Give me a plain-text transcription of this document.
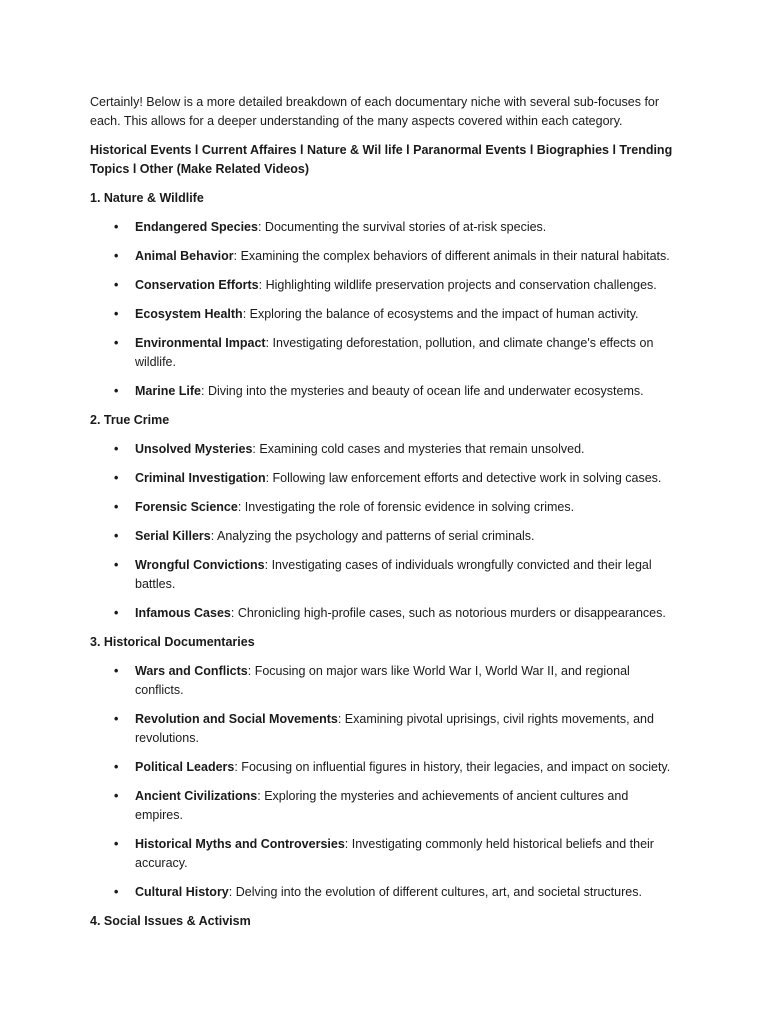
Certainly! Below is a more detailed breakdown of each documentary niche with several sub-focuses for each. This allows for a deeper understanding of the many aspects covered within each category.

Historical Events l Current Affaires l Nature & Wil life l Paranormal Events l Biographies l Trending Topics l Other (Make Related Videos)

1. Nature & Wildlife

• Endangered Species: Documenting the survival stories of at-risk species.
• Animal Behavior: Examining the complex behaviors of different animals in their natural habitats.
• Conservation Efforts: Highlighting wildlife preservation projects and conservation challenges.
• Ecosystem Health: Exploring the balance of ecosystems and the impact of human activity.
• Environmental Impact: Investigating deforestation, pollution, and climate change's effects on wildlife.
• Marine Life: Diving into the mysteries and beauty of ocean life and underwater ecosystems.

2. True Crime

• Unsolved Mysteries: Examining cold cases and mysteries that remain unsolved.
• Criminal Investigation: Following law enforcement efforts and detective work in solving cases.
• Forensic Science: Investigating the role of forensic evidence in solving crimes.
• Serial Killers: Analyzing the psychology and patterns of serial criminals.
• Wrongful Convictions: Investigating cases of individuals wrongfully convicted and their legal battles.
• Infamous Cases: Chronicling high-profile cases, such as notorious murders or disappearances.

3. Historical Documentaries

• Wars and Conflicts: Focusing on major wars like World War I, World War II, and regional conflicts.
• Revolution and Social Movements: Examining pivotal uprisings, civil rights movements, and revolutions.
• Political Leaders: Focusing on influential figures in history, their legacies, and impact on society.
• Ancient Civilizations: Exploring the mysteries and achievements of ancient cultures and empires.
• Historical Myths and Controversies: Investigating commonly held historical beliefs and their accuracy.
• Cultural History: Delving into the evolution of different cultures, art, and societal structures.

4. Social Issues & Activism
